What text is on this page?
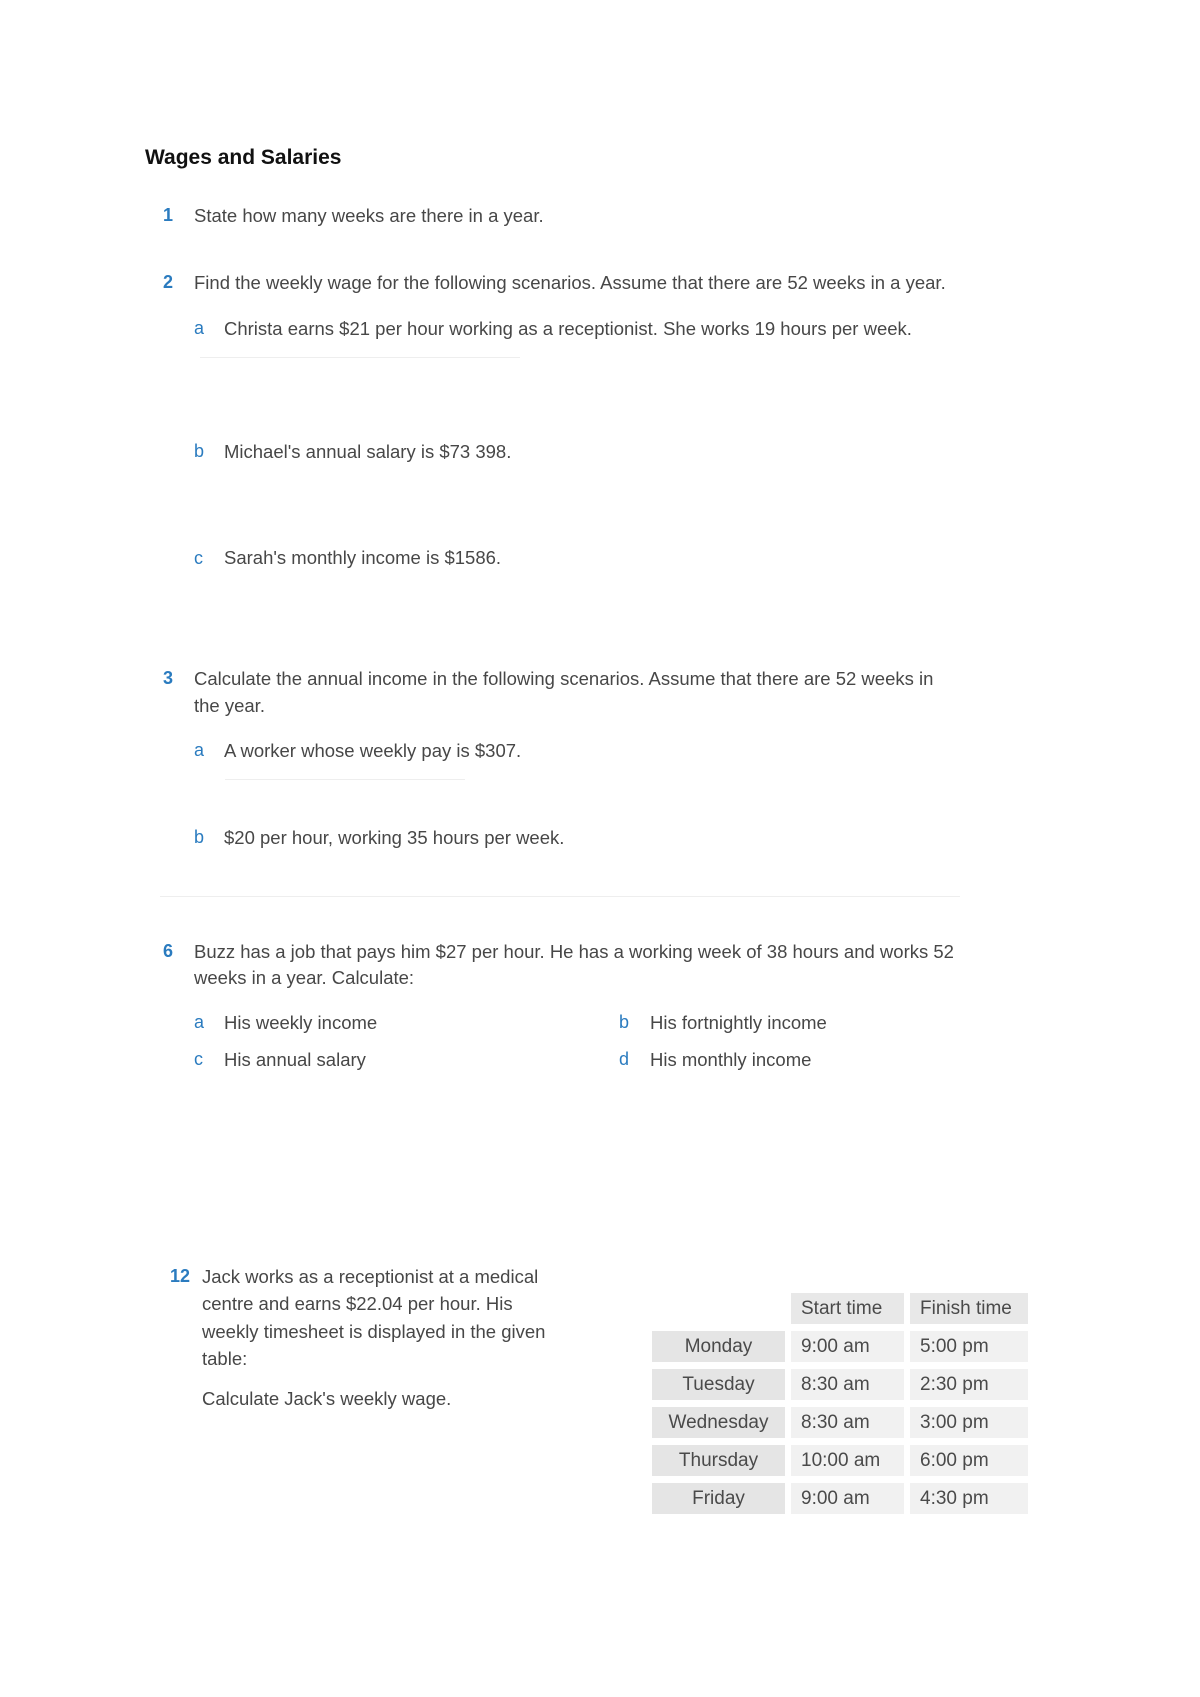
Wages and Salaries
1 State how many weeks are there in a year.
2 Find the weekly wage for the following scenarios. Assume that there are 52 weeks in a year.
a Christa earns $21 per hour working as a receptionist. She works 19 hours per week.
b Michael's annual salary is $73 398.
c Sarah's monthly income is $1586.
3 Calculate the annual income in the following scenarios. Assume that there are 52 weeks in
the year.
a A worker whose weekly pay is $307.
b $20 per hour, working 35 hours per week.
6 Buzz has a job that pays him $27 per hour. He has a working week of 38 hours and works 52
weeks in a year. Calculate:
a His weekly income	b His fortnightly income
c His annual salary	d His monthly income
12 Jack works as a receptionist at a medical
centre and earns $22.04 per hour. His
weekly timesheet is displayed in the given
table:
Calculate Jack's weekly wage.
	Start time	Finish time
Monday	9:00 am	5:00 pm
Tuesday	8:30 am	2:30 pm
Wednesday	8:30 am	3:00 pm
Thursday	10:00 am	6:00 pm
Friday	9:00 am	4:30 pm
